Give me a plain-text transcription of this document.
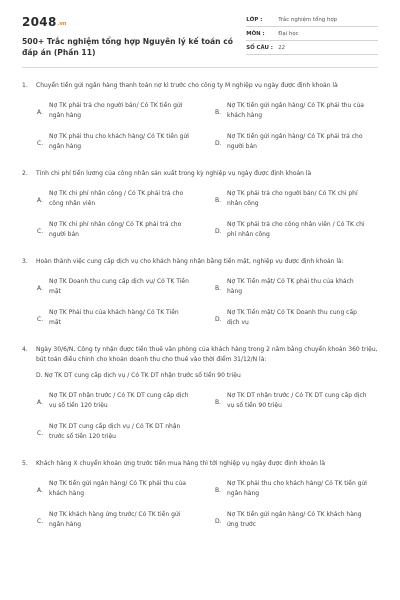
2048 .vn
500+ Trắc nghiệm tổng hợp Nguyên lý kế toán có đáp án (Phần 11)
LỚP :	Trắc nghiệm tổng hợp
MÔN :	Đại học
SỐ CÂU : 22
1.	Chuyển tiền gửi ngân hàng thanh toán nợ kì trước cho công ty M nghiệp vụ ngày được định khoản là
A.
Nợ TK phải trả cho người bán/ Có TK tiền gửi ngân hàng	B.
Nợ TK tiền gửi ngân hàng/ Có TK phải thu của khách hàng
C.
Nợ TK phải thu cho khách hàng/ Có TK tiền gửi ngân hàng	D.
Nợ TK tiền gửi ngân hàng/ Có TK phải trả cho người bán
2.	Tính chi phí tiền lương của công nhân sản xuất trong kỳ nghiệp vụ ngày được định khoản là
A.
Nợ TK chi phí nhân công / Có TK phải trả cho công nhân viên	B.
Nợ TK phải trả cho người bán/ Có TK chi phí nhân công
C.
Nợ TK chi phí nhân công/ Có TK phải trả cho người bán	D.
Nợ TK phải trả cho công nhân viên / Có TK chi phí nhân công
3.	Hoàn thành việc cung cấp dịch vụ cho khách hàng nhận bằng tiền mặt, nghiệp vụ được định khoản là:
A.
Nợ TK Doanh thu cung cấp dịch vụ/ Có TK Tiền mặt	B.
Nợ TK Tiền mặt/ Có TK phải thu của khách hàng
C.
Nợ TK Phải thu của khách hàng/ Có TK Tiền mặt	D.
Nợ TK Tiền mặt/ Có TK Doanh thu cung cấp dịch vụ
4.	Ngày 30/6/N, Công ty nhận được tiền thuê văn phòng của khách hàng trong 2 năm bằng chuyển khoản 360 triệu, bút toán điều chỉnh cho khoản doanh thu cho thuê vào thời điểm 31/12/N là:
D. Nợ TK DT cung cấp dịch vụ / Có TK DT nhận trước số tiền 90 triệu
A.
Nợ TK DT nhận trước / Có TK DT cung cấp dịch vụ số tiền 120 triệu	B.
Nợ TK DT nhận trước / Có TK DT cung cấp dịch vụ số tiền 90 triệu
C.
Nợ TK DT cung cấp dịch vụ / Có TK DT nhận trước số tiền 120 triệu
5.	Khách hàng X chuyển khoản ứng trước tiền mua hàng thì tới nghiệp vụ ngày được định khoản là
A.
Nợ TK tiền gửi ngân hàng/ Có TK phải thu của khách hàng	B.
Nợ TK phải thu cho khách hàng/ Có TK tiền gửi ngân hàng
C.
Nợ TK khách hàng ứng trước/ Có TK tiền gửi ngân hàng	D.
Nợ TK tiền gửi ngân hàng/ Có TK khách hàng ứng trước
